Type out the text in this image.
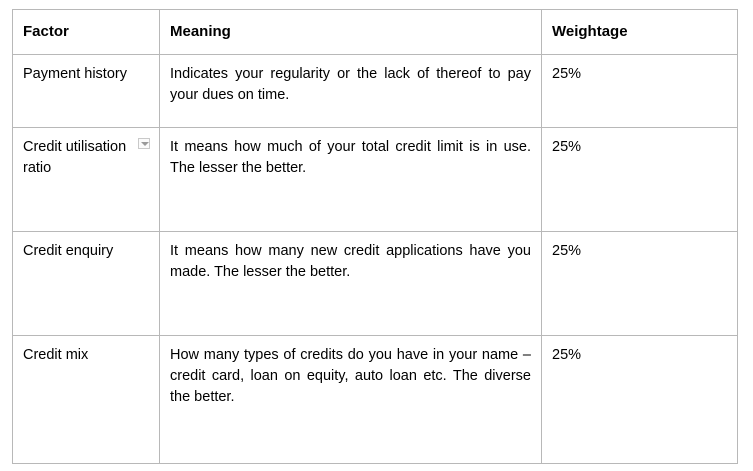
Factor	Meaning	Weightage
Payment history	Indicates your regularity or the lack of thereof to pay your dues on time.	25%
Credit utilisation ratio	It means how much of your total credit limit is in use. The lesser the better.	25%
Credit enquiry	It means how many new credit applications have you made. The lesser the better.	25%
Credit mix	How many types of credits do you have in your name – credit card, loan on equity, auto loan etc. The diverse the better.	25%
